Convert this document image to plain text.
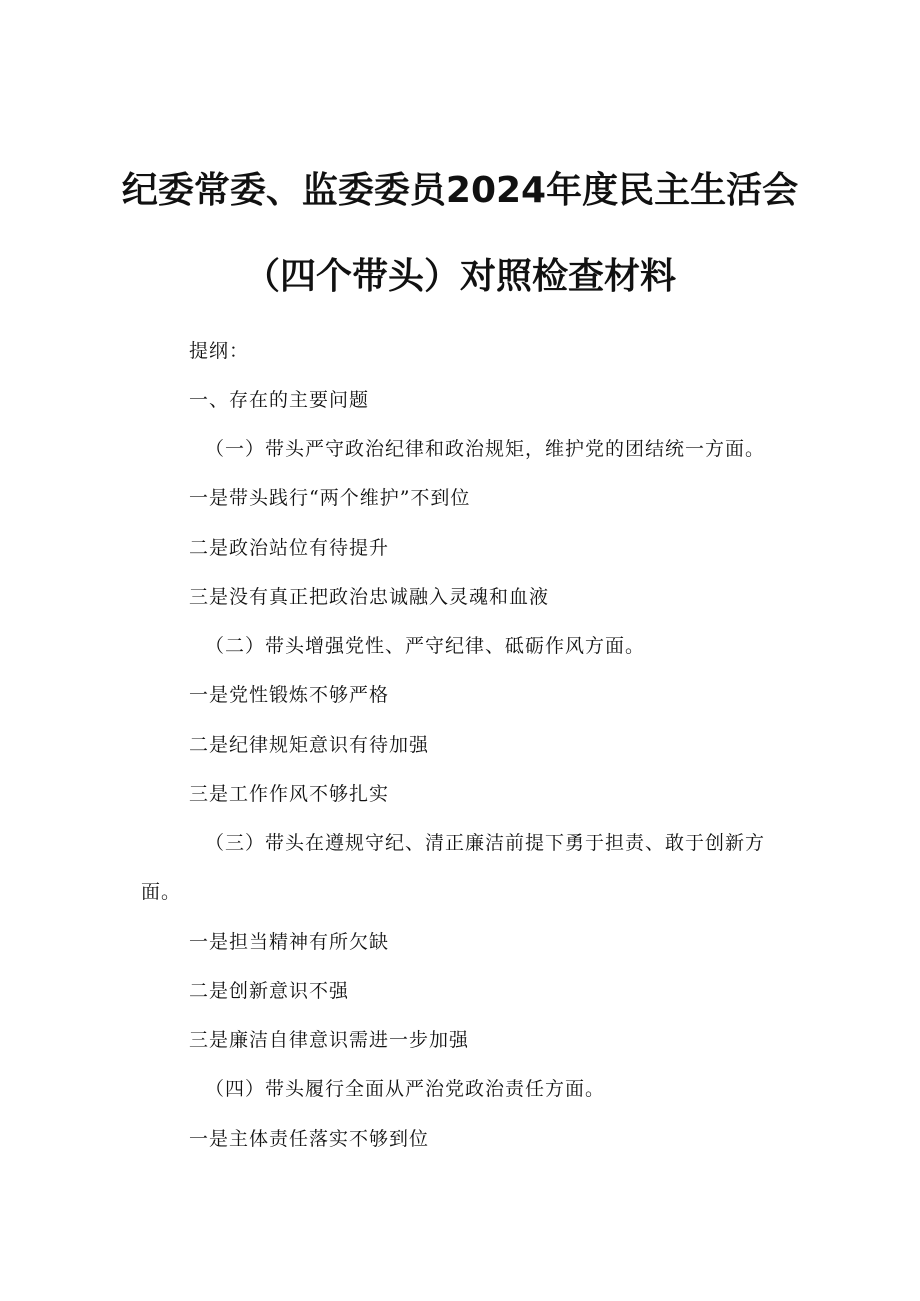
纪委常委、监委委员2024年度民主生活会
（四个带头）对照检查材料
提纲：
一、存在的主要问题
（一）带头严守政治纪律和政治规矩，维护党的团结统一方面。
一是带头践行“两个维护”不到位
二是政治站位有待提升
三是没有真正把政治忠诚融入灵魂和血液
（二）带头增强党性、严守纪律、砥砺作风方面。
一是党性锻炼不够严格
二是纪律规矩意识有待加强
三是工作作风不够扎实
（三）带头在遵规守纪、清正廉洁前提下勇于担责、敢于创新方
面。
一是担当精神有所欠缺
二是创新意识不强
三是廉洁自律意识需进一步加强
（四）带头履行全面从严治党政治责任方面。
一是主体责任落实不够到位
